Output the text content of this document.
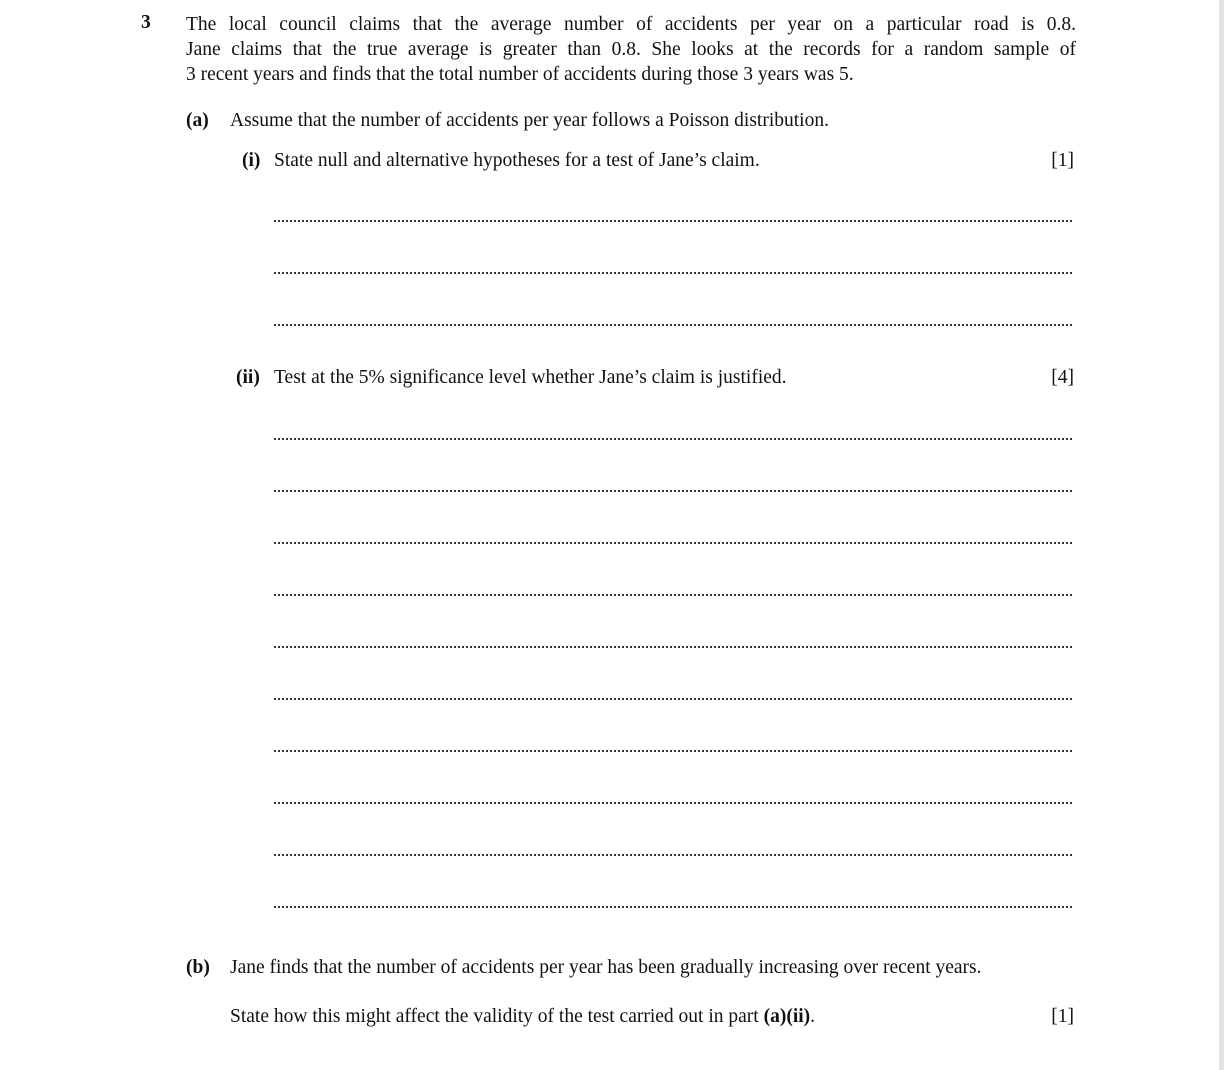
3 The local council claims that the average number of accidents per year on a particular road is 0.8.
Jane claims that the true average is greater than 0.8. She looks at the records for a random sample of
3 recent years and finds that the total number of accidents during those 3 years was 5.
(a) Assume that the number of accidents per year follows a Poisson distribution.
(i) State null and alternative hypotheses for a test of Jane’s claim.	[1]
(ii) Test at the 5% significance level whether Jane’s claim is justified.	[4]
(b) Jane finds that the number of accidents per year has been gradually increasing over recent years.
State how this might affect the validity of the test carried out in part (a)(ii).	[1]
